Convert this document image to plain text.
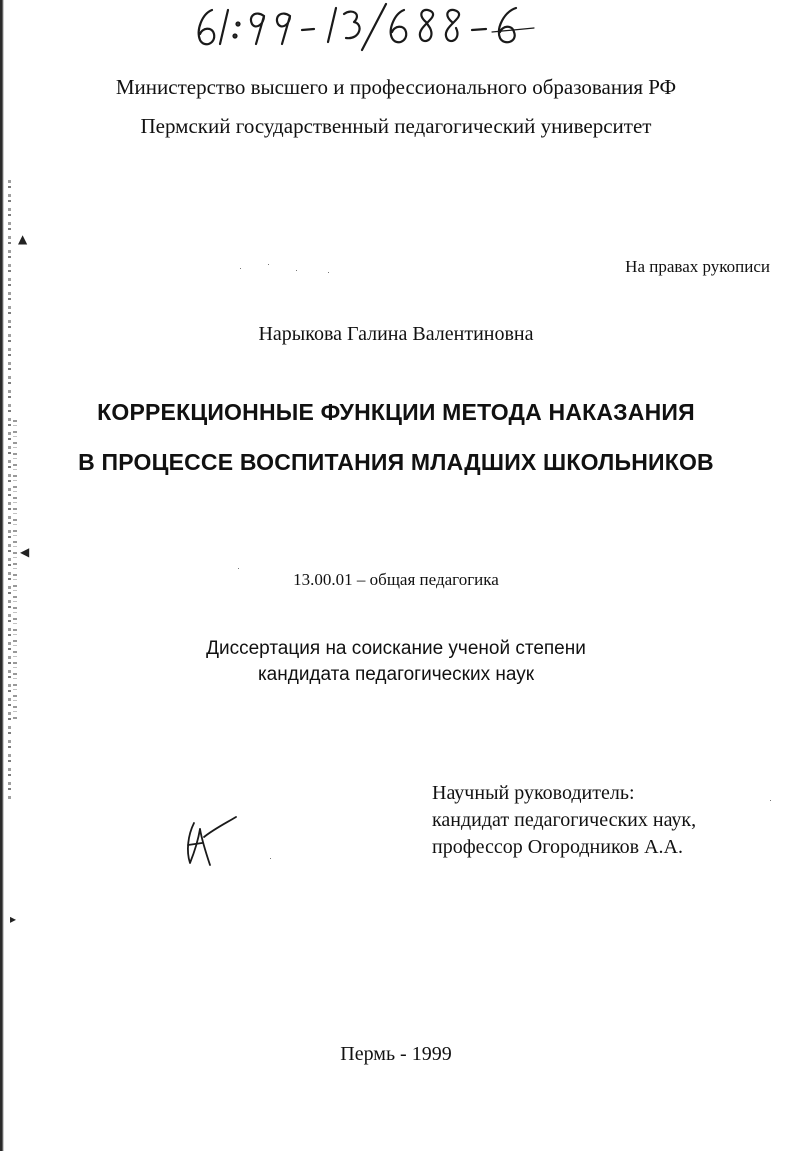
▲
◀
▸
Министерство высшего и профессионального образования РФ
Пермский государственный педагогический университет
На правах рукописи
Нарыкова Галина Валентиновна
КОРРЕКЦИОННЫЕ ФУНКЦИИ МЕТОДА НАКАЗАНИЯ
В ПРОЦЕССЕ ВОСПИТАНИЯ МЛАДШИХ ШКОЛЬНИКОВ
13.00.01 – общая педагогика
Диссертация на соискание ученой степени
кандидата педагогических наук
Научный руководитель:
кандидат педагогических наук,
профессор Огородников А.А.
Пермь - 1999
